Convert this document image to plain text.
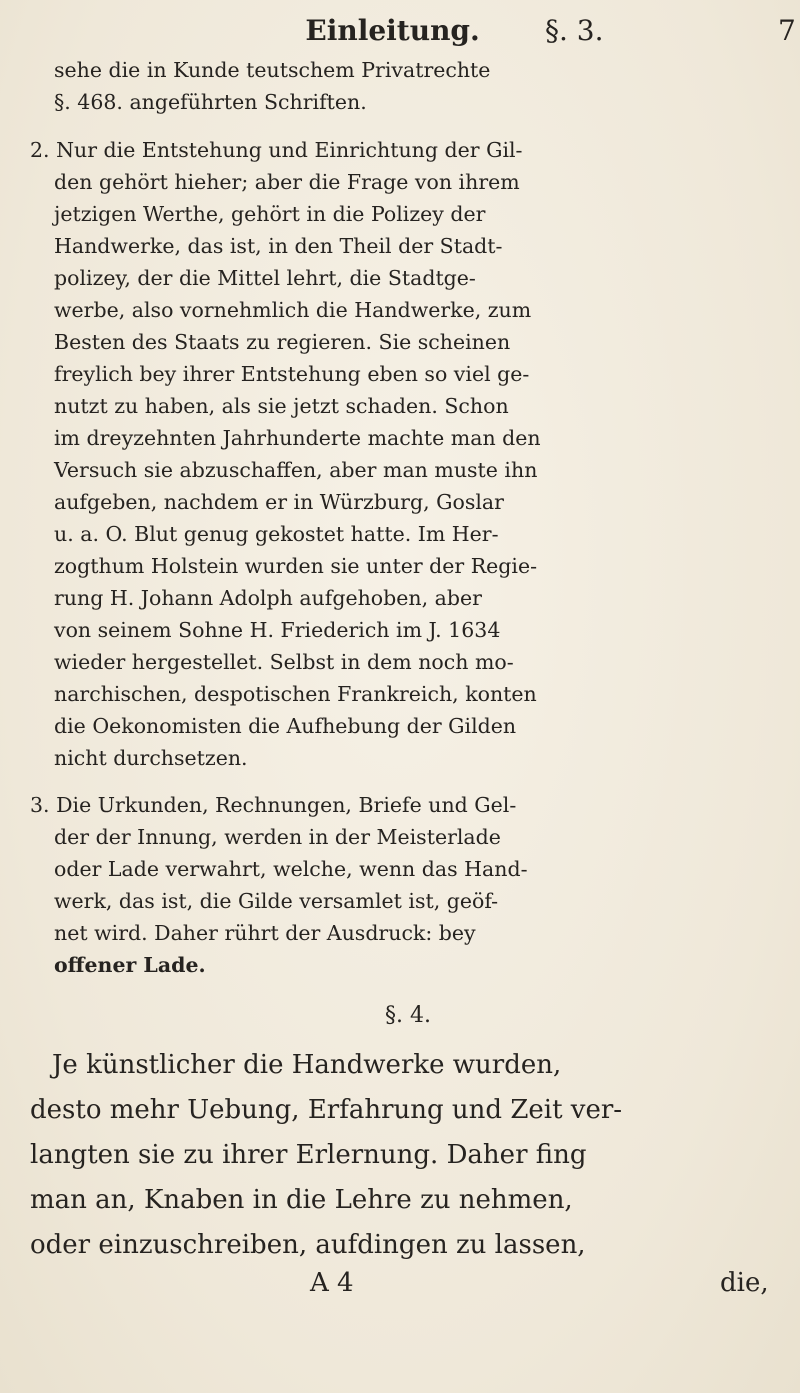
Einleitung. §. 3.	7
sehe die in Kunde teutschem Privatrechte
§. 468. angeführten Schriften.
2. Nur die Entstehung und Einrichtung der Gil-
den gehört hieher; aber die Frage von ihrem
jetzigen Werthe, gehört in die Polizey der
Handwerke, das ist, in den Theil der Stadt-
polizey, der die Mittel lehrt, die Stadtge-
werbe, also vornehmlich die Handwerke, zum
Besten des Staats zu regieren. Sie scheinen
freylich bey ihrer Entstehung eben so viel ge-
nutzt zu haben, als sie jetzt schaden. Schon
im dreyzehnten Jahrhunderte machte man den
Versuch sie abzuschaffen, aber man muste ihn
aufgeben, nachdem er in Würzburg, Goslar
u. a. O. Blut genug gekostet hatte. Im Her-
zogthum Holstein wurden sie unter der Regie-
rung H. Johann Adolph aufgehoben, aber
von seinem Sohne H. Friederich im J. 1634
wieder hergestellet. Selbst in dem noch mo-
narchischen, despotischen Frankreich, konten
die Oekonomisten die Aufhebung der Gilden
nicht durchsetzen.
3. Die Urkunden, Rechnungen, Briefe und Gel-
der der Innung, werden in der Meisterlade
oder Lade verwahrt, welche, wenn das Hand-
werk, das ist, die Gilde versamlet ist, geöf-
net wird. Daher rührt der Ausdruck: bey
offener Lade.
§. 4.
Je künstlicher die Handwerke wurden,
desto mehr Uebung, Erfahrung und Zeit ver-
langten sie zu ihrer Erlernung. Daher fing
man an, Knaben in die Lehre zu nehmen,
oder einzuschreiben, aufdingen zu lassen,
A 4	die,
